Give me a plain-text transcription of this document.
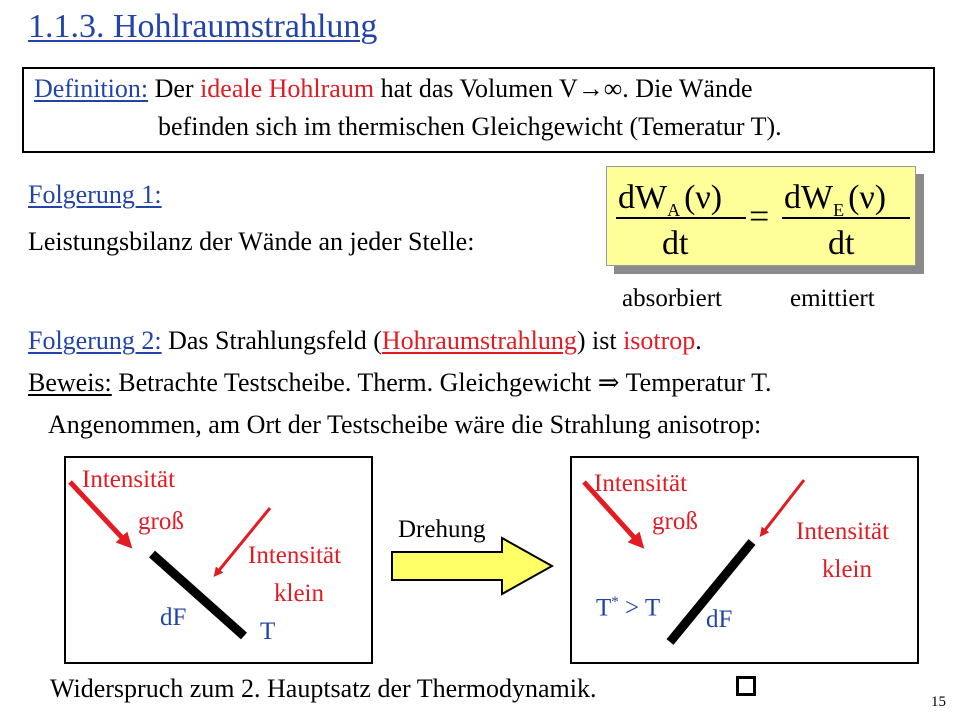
1.1.3. Hohlraumstrahlung
Definition: Der ideale Hohlraum hat das Volumen V→∞. Die Wände
befinden sich im thermischen Gleichgewicht (Temeratur T).
Folgerung 1:
Leistungsbilanz der Wände an jeder Stelle:
$dW_A$ (ν)
dt
= $dW_E$ (ν)
dt
absorbiert	emittiert
Folgerung 2: Das Strahlungsfeld (Hohraumstrahlung) ist isotrop.
Beweis: Betrachte Testscheibe. Therm. Gleichgewicht ⇒ Temperatur T.
Angenommen, am Ort der Testscheibe wäre die Strahlung anisotrop:
Intensität
groß
Intensität
klein
dF
T
Drehung
Intensität
groß	Intensität
klein
T* > T dF
Widerspruch zum 2. Hauptsatz der Thermodynamik.	15
